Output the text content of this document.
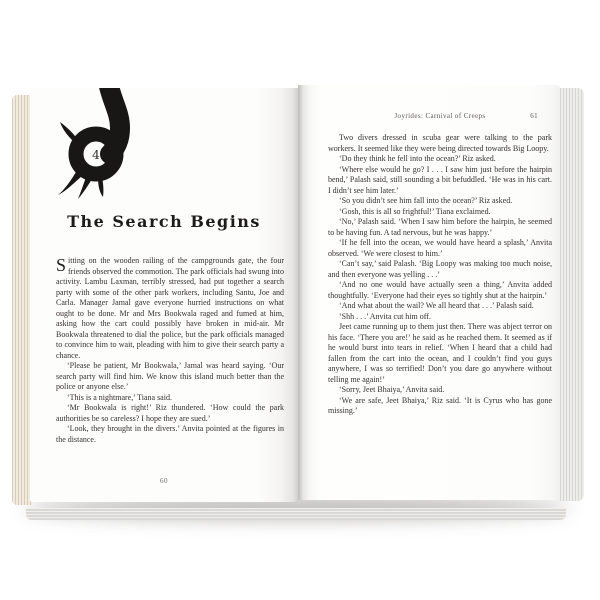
4
The Search Begins

Sitting on the wooden railing of the campgrounds gate, the four friends observed the commotion. The park officials had swung into activity. Lambu Laxman, terribly stressed, had put together a search party with some of the other park workers, including Santu, Joe and Carla. Manager Jamal gave everyone hurried instructions on what ought to be done. Mr and Mrs Bookwala raged and fumed at him, asking how the cart could possibly have broken in mid-air. Mr Bookwala threatened to dial the police, but the park officials managed to convince him to wait, pleading with him to give their search party a chance.

‘Please be patient, Mr Bookwala,’ Jamal was heard saying. ‘Our search party will find him. We know this island much better than the police or anyone else.’

‘This is a nightmare,’ Tiana said.

‘Mr Bookwala is right!’ Riz thundered. ‘How could the park authorities be so careless? I hope they are sued.’

‘Look, they brought in the divers.’ Anvita pointed at the figures in the distance.

60
Joyrides: Carnival of Creeps	61

Two divers dressed in scuba gear were talking to the park workers. It seemed like they were being directed towards Big Loopy.

‘Do they think he fell into the ocean?’ Riz asked.

‘Where else would he go? I . . . I saw him just before the hairpin bend,’ Palash said, still sounding a bit befuddled. ‘He was in his cart. I didn’t see him later.’

‘So you didn’t see him fall into the ocean?’ Riz asked.

‘Gosh, this is all so frightful!’ Tiana exclaimed.

‘No,’ Palash said. ‘When I saw him before the hairpin, he seemed to be having fun. A tad nervous, but he was happy.’

‘If he fell into the ocean, we would have heard a splash,’ Anvita observed. ‘We were closest to him.’

‘Can’t say,’ said Palash. ‘Big Loopy was making too much noise, and then everyone was yelling . . .’

‘And no one would have actually seen a thing,’ Anvita added thoughtfully. ‘Everyone had their eyes so tightly shut at the hairpin.’

‘And what about the wail? We all heard that . . .’ Palash said.

‘Shh . . .’ Anvita cut him off.

Jeet came running up to them just then. There was abject terror on his face. ‘There you are!’ he said as he reached them. It seemed as if he would burst into tears in relief. ‘When I heard that a child had fallen from the cart into the ocean, and I couldn’t find you guys anywhere, I was so terrified! Don’t you dare go anywhere without telling me again!’

‘Sorry, Jeet Bhaiya,’ Anvita said.

‘We are safe, Jeet Bhaiya,’ Riz said. ‘It is Cyrus who has gone missing.’
